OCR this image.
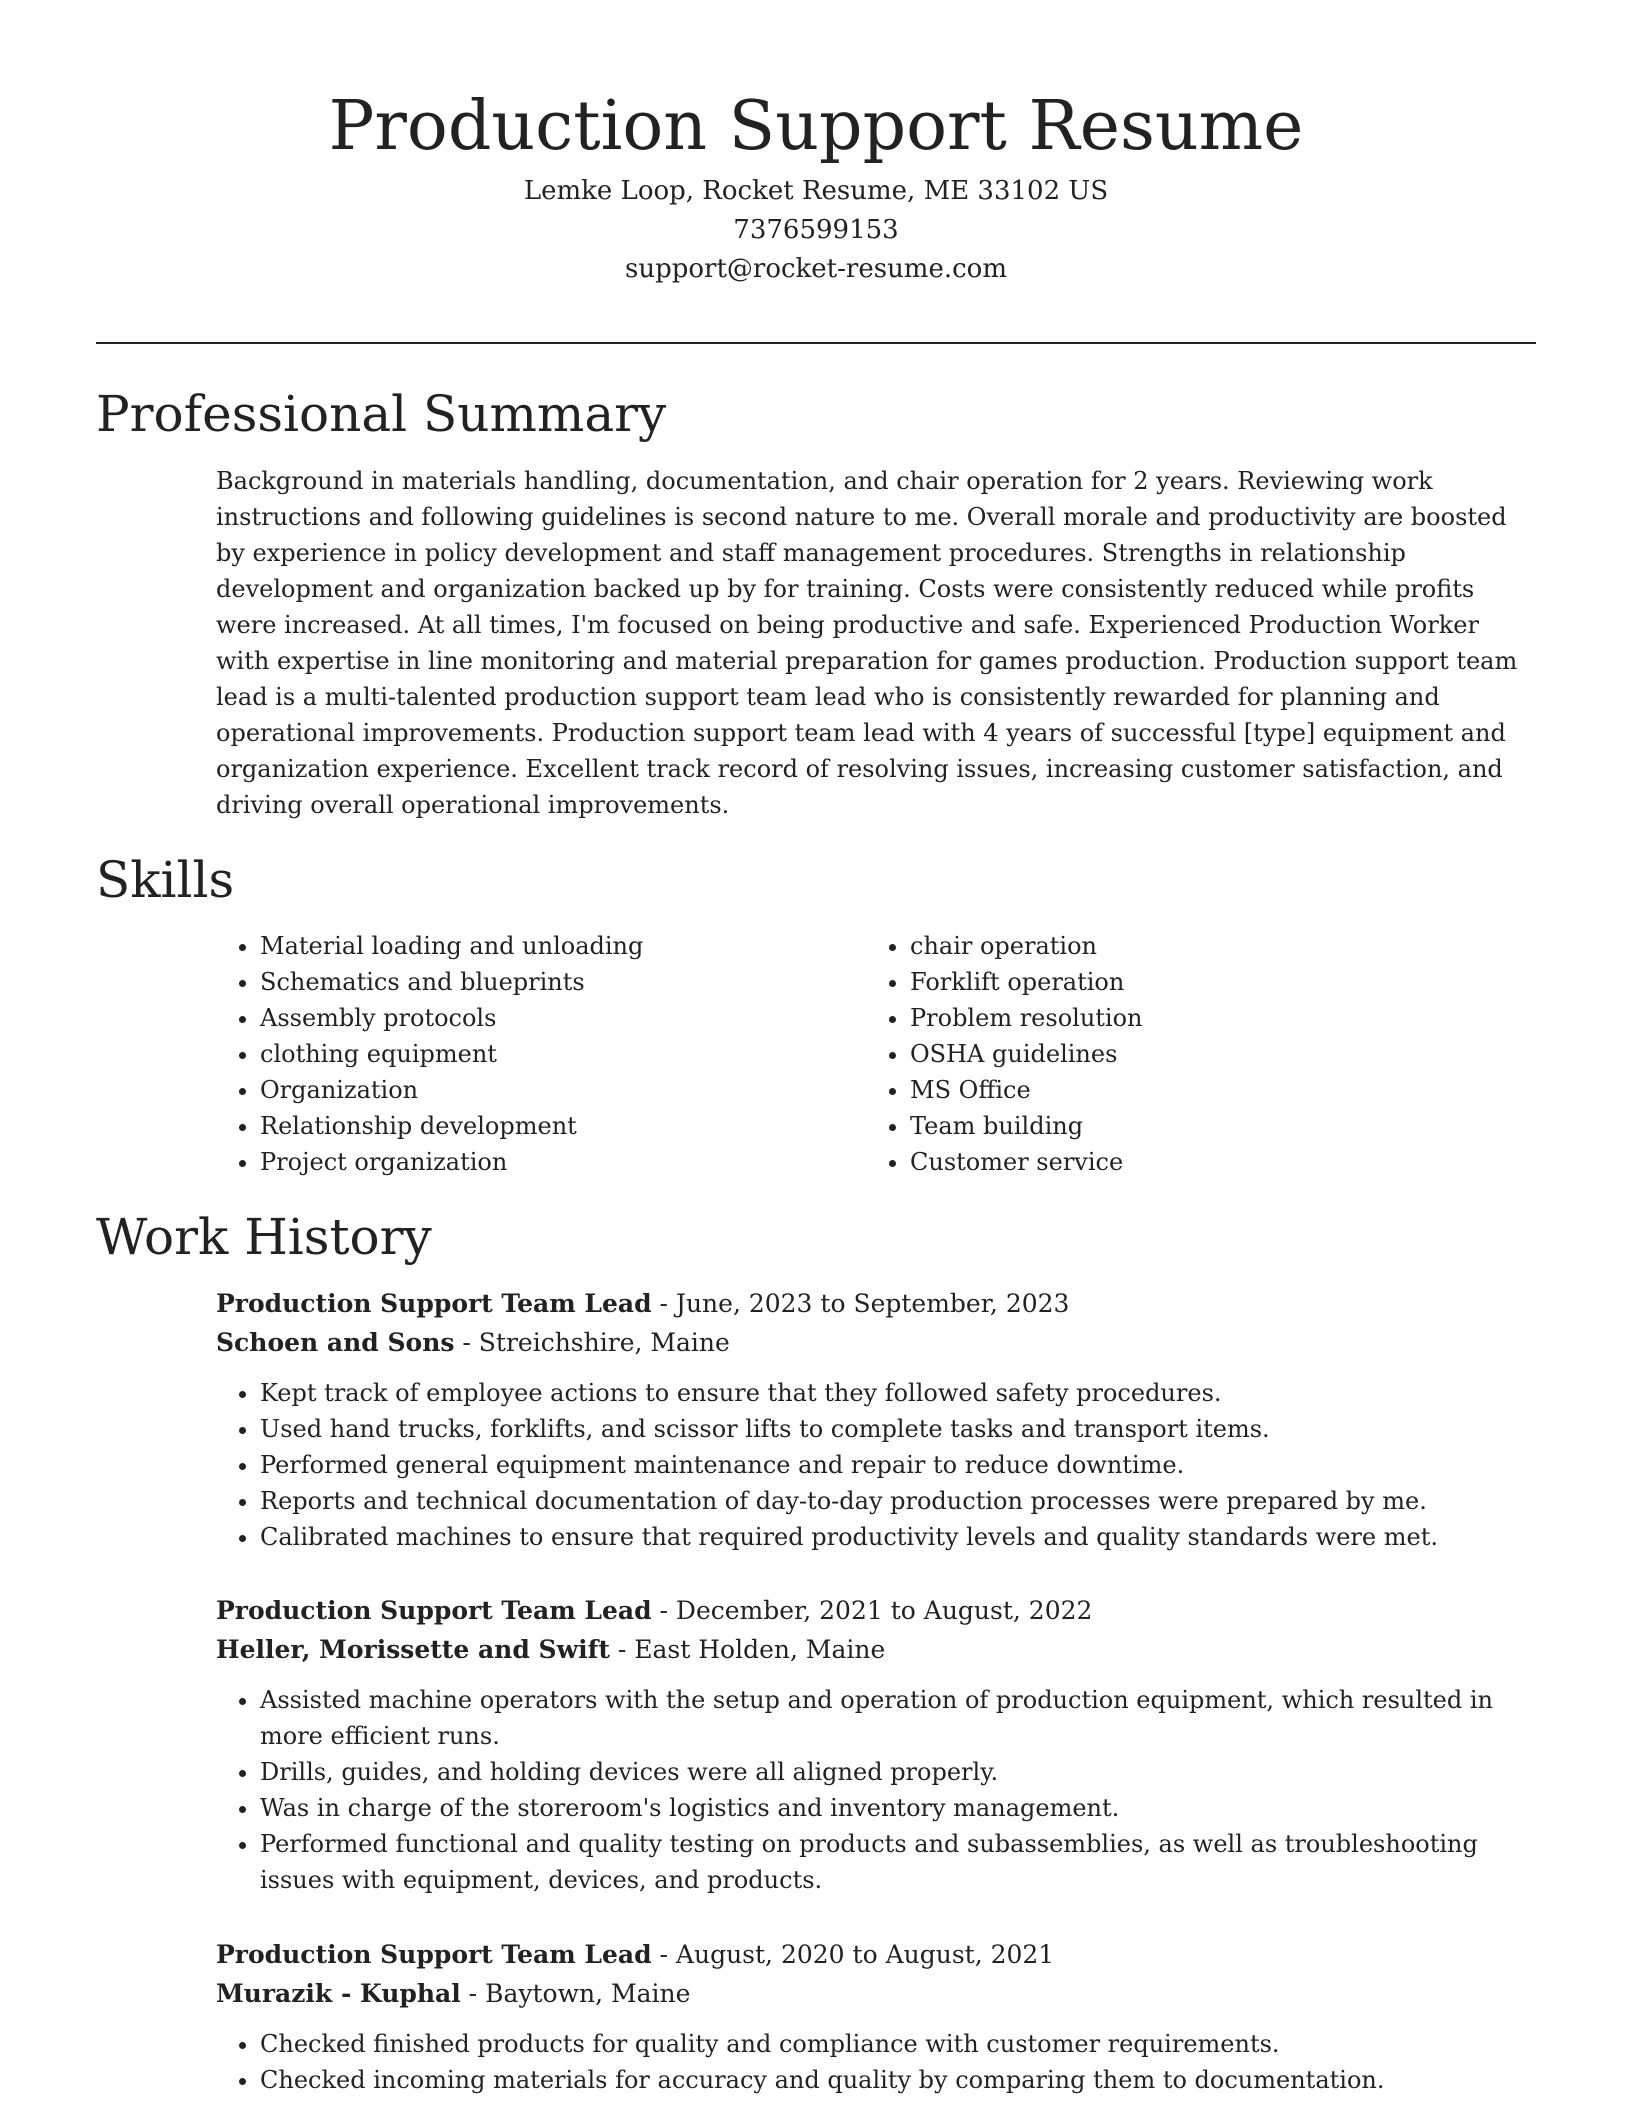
Production Support Resume
Lemke Loop, Rocket Resume, ME 33102 US
7376599153
support@rocket-resume.com
Professional Summary

Background in materials handling, documentation, and chair operation for 2 years. Reviewing work instructions and following guidelines is second nature to me. Overall morale and productivity are boosted by experience in policy development and staff management procedures. Strengths in relationship development and organization backed up by for training. Costs were consistently reduced while profits were increased. At all times, I'm focused on being productive and safe. Experienced Production Worker with expertise in line monitoring and material preparation for games production. Production support team lead is a multi-talented production support team lead who is consistently rewarded for planning and operational improvements. Production support team lead with 4 years of successful [type] equipment and organization experience. Excellent track record of resolving issues, increasing customer satisfaction, and driving overall operational improvements.

Skills
• Material loading and unloading
• Schematics and blueprints
• Assembly protocols
• clothing equipment
• Organization
• Relationship development
• Project organization
• chair operation
• Forklift operation
• Problem resolution
• OSHA guidelines
• MS Office
• Team building
• Customer service
Work History
Production Support Team Lead - June, 2023 to September, 2023
Schoen and Sons - Streichshire, Maine
• Kept track of employee actions to ensure that they followed safety procedures.
• Used hand trucks, forklifts, and scissor lifts to complete tasks and transport items.
• Performed general equipment maintenance and repair to reduce downtime.
• Reports and technical documentation of day-to-day production processes were prepared by me.
• Calibrated machines to ensure that required productivity levels and quality standards were met.
Production Support Team Lead - December, 2021 to August, 2022
Heller, Morissette and Swift - East Holden, Maine
• Assisted machine operators with the setup and operation of production equipment, which resulted in more efficient runs.
• Drills, guides, and holding devices were all aligned properly.
• Was in charge of the storeroom's logistics and inventory management.
• Performed functional and quality testing on products and subassemblies, as well as troubleshooting issues with equipment, devices, and products.
Production Support Team Lead - August, 2020 to August, 2021
Murazik - Kuphal - Baytown, Maine
• Checked finished products for quality and compliance with customer requirements.
• Checked incoming materials for accuracy and quality by comparing them to documentation.
